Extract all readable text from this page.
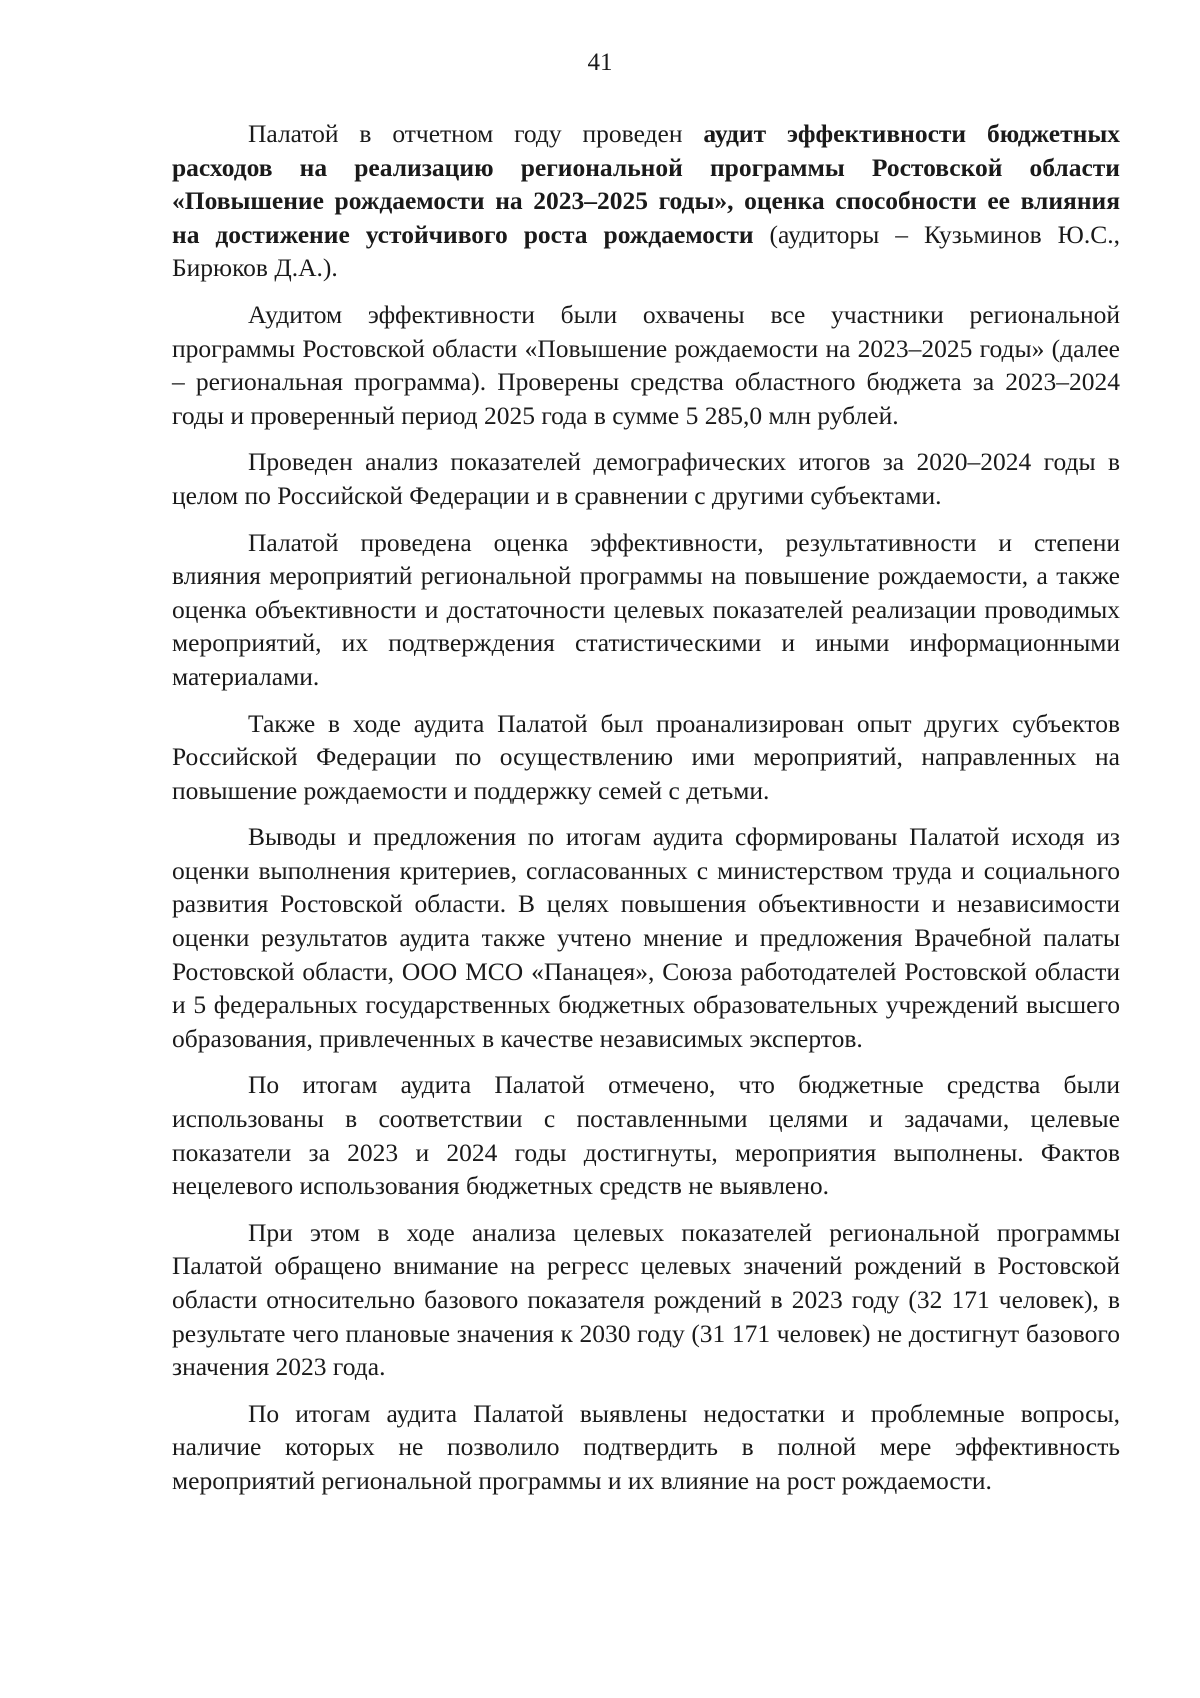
41

Палатой в отчетном году проведен аудит эффективности бюджетных расходов на реализацию региональной программы Ростовской области «Повышение рождаемости на 2023–2025 годы», оценка способности ее влияния на достижение устойчивого роста рождаемости (аудиторы – Кузьминов Ю.С., Бирюков Д.А.).

Аудитом эффективности были охвачены все участники региональной программы Ростовской области «Повышение рождаемости на 2023–2025 годы» (далее – региональная программа). Проверены средства областного бюджета за 2023–2024 годы и проверенный период 2025 года в сумме 5 285,0 млн рублей.

Проведен анализ показателей демографических итогов за 2020–2024 годы в целом по Российской Федерации и в сравнении с другими субъектами.

Палатой проведена оценка эффективности, результативности и степени влияния мероприятий региональной программы на повышение рождаемости, а также оценка объективности и достаточности целевых показателей реализации проводимых мероприятий, их подтверждения статистическими и иными информационными материалами.

Также в ходе аудита Палатой был проанализирован опыт других субъектов Российской Федерации по осуществлению ими мероприятий, направленных на повышение рождаемости и поддержку семей с детьми.

Выводы и предложения по итогам аудита сформированы Палатой исходя из оценки выполнения критериев, согласованных с министерством труда и социального развития Ростовской области. В целях повышения объективности и независимости оценки результатов аудита также учтено мнение и предложения Врачебной палаты Ростовской области, ООО МСО «Панацея», Союза работодателей Ростовской области и 5 федеральных государственных бюджетных образовательных учреждений высшего образования, привлеченных в качестве независимых экспертов.

По итогам аудита Палатой отмечено, что бюджетные средства были использованы в соответствии с поставленными целями и задачами, целевые показатели за 2023 и 2024 годы достигнуты, мероприятия выполнены. Фактов нецелевого использования бюджетных средств не выявлено.

При этом в ходе анализа целевых показателей региональной программы Палатой обращено внимание на регресс целевых значений рождений в Ростовской области относительно базового показателя рождений в 2023 году (32 171 человек), в результате чего плановые значения к 2030 году (31 171 человек) не достигнут базового значения 2023 года.

По итогам аудита Палатой выявлены недостатки и проблемные вопросы, наличие которых не позволило подтвердить в полной мере эффективность мероприятий региональной программы и их влияние на рост рождаемости.
